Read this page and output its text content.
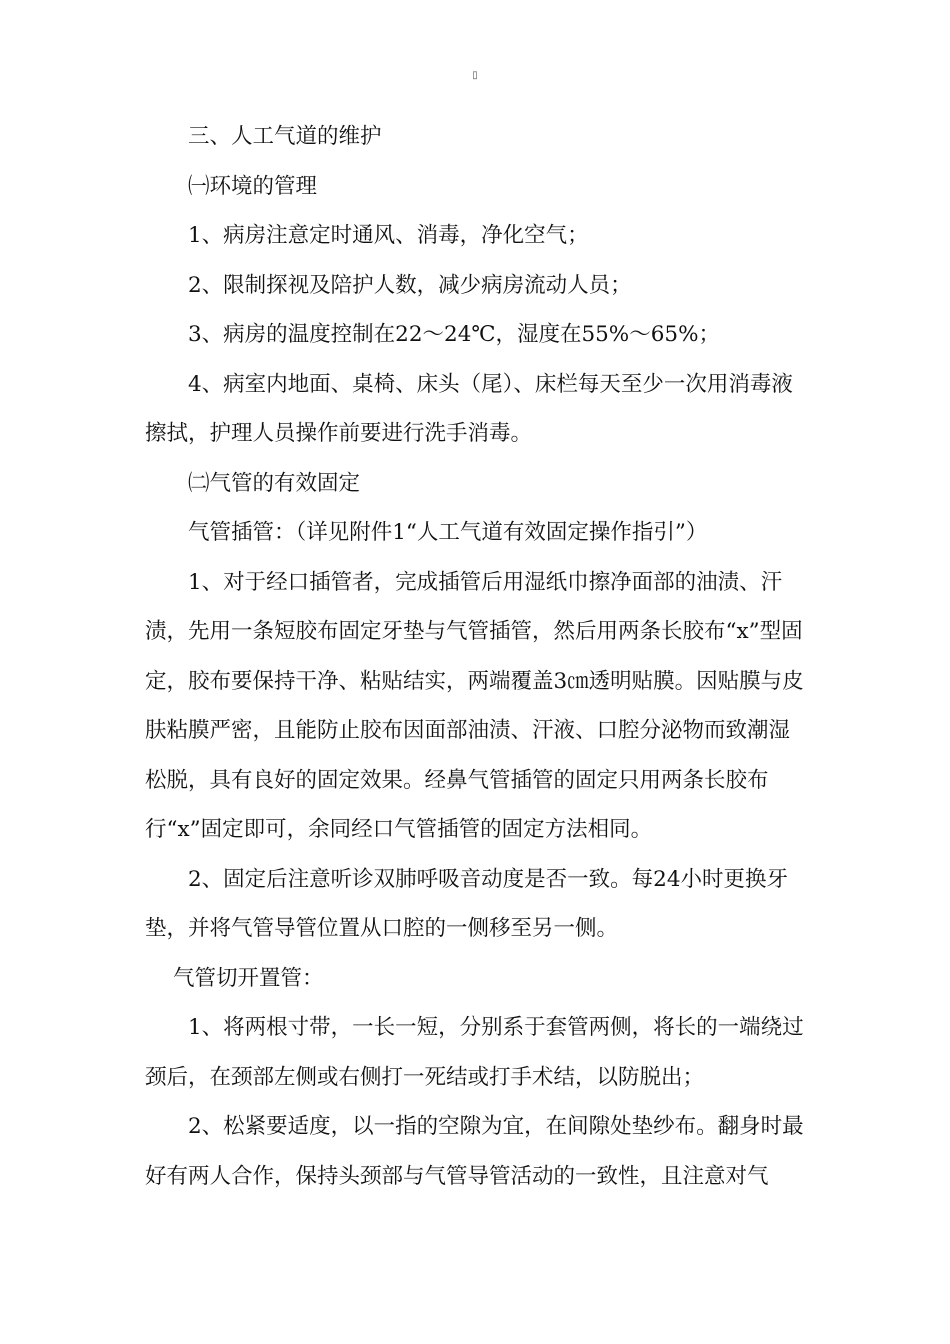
▯

三、人工气道的维护

㈠环境的管理

1、病房注意定时通风、消毒，净化空气；

2、限制探视及陪护人数，减少病房流动人员；

3、病房的温度控制在22～24℃，湿度在55%～65%；

4、病室内地面、桌椅、床头（尾）、床栏每天至少一次用消毒液擦拭，护理人员操作前要进行洗手消毒。

㈡气管的有效固定

气管插管：（详见附件1“人工气道有效固定操作指引”）

1、对于经口插管者，完成插管后用湿纸巾擦净面部的油渍、汗渍，先用一条短胶布固定牙垫与气管插管，然后用两条长胶布“x”型固定，胶布要保持干净、粘贴结实，两端覆盖3㎝透明贴膜。因贴膜与皮肤粘膜严密，且能防止胶布因面部油渍、汗液、口腔分泌物而致潮湿松脱，具有良好的固定效果。经鼻气管插管的固定只用两条长胶布行“x”固定即可，余同经口气管插管的固定方法相同。

2、固定后注意听诊双肺呼吸音动度是否一致。每24小时更换牙垫，并将气管导管位置从口腔的一侧移至另一侧。

气管切开置管：

1、将两根寸带，一长一短，分别系于套管两侧，将长的一端绕过颈后，在颈部左侧或右侧打一死结或打手术结，以防脱出；

2、松紧要适度，以一指的空隙为宜，在间隙处垫纱布。翻身时最好有两人合作，保持头颈部与气管导管活动的一致性，且注意对气
